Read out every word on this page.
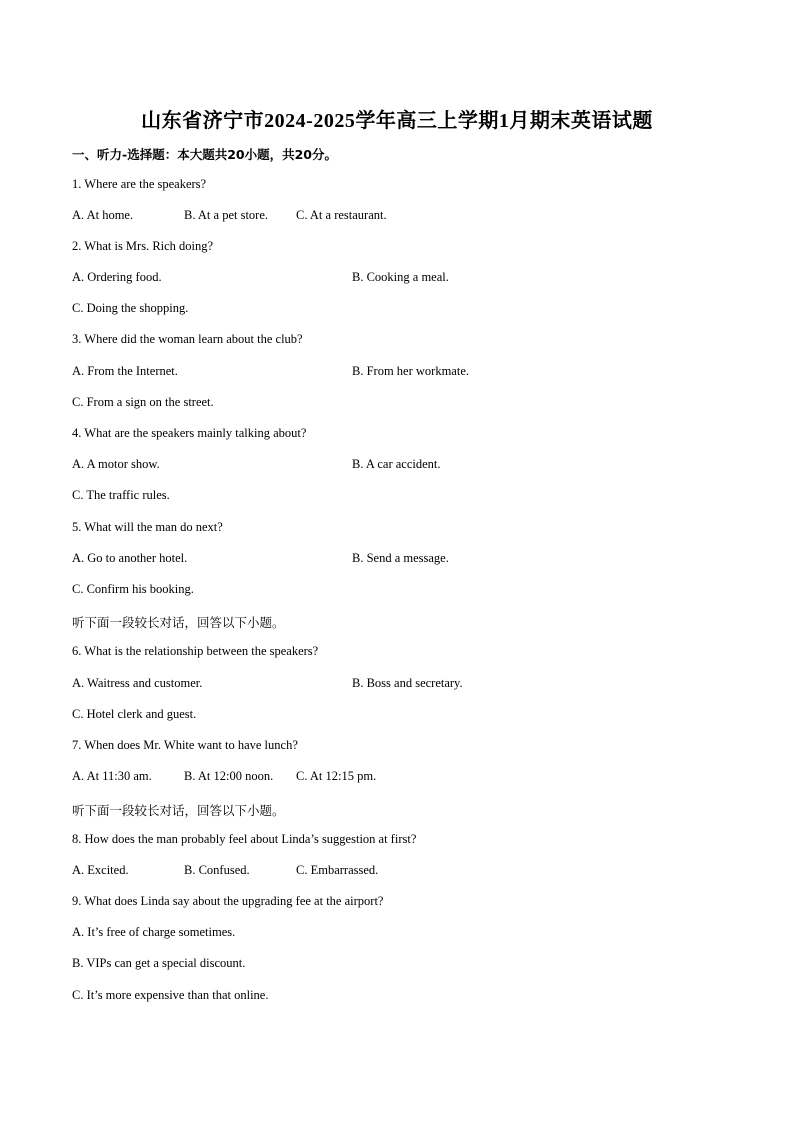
山东省济宁市2024-2025学年高三上学期1月期末英语试题
一、听力-选择题：本大题共20小题，共20分。
1. Where are the speakers?
A. At home.	B. At a pet store. C. At a restaurant.
2. What is Mrs. Rich doing?
A. Ordering food.	B. Cooking a meal.
C. Doing the shopping.
3. Where did the woman learn about the club?
A. From the Internet.	B. From her workmate.
C. From a sign on the street.
4. What are the speakers mainly talking about?
A. A motor show.	B. A car accident.
C. The traffic rules.
5. What will the man do next?
A. Go to another hotel.	B. Send a message.
C. Confirm his booking.
听下面一段较长对话，回答以下小题。
6. What is the relationship between the speakers?
A. Waitress and customer.	B. Boss and secretary.
C. Hotel clerk and guest.
7. When does Mr. White want to have lunch?
A. At 11:30 am.	B. At 12:00 noon. C. At 12:15 pm.
听下面一段较长对话，回答以下小题。
8. How does the man probably feel about Linda’s suggestion at first?
A. Excited.	B. Confused.	C. Embarrassed.
9. What does Linda say about the upgrading fee at the airport?
A. It’s free of charge sometimes.
B. VIPs can get a special discount.
C. It’s more expensive than that online.
